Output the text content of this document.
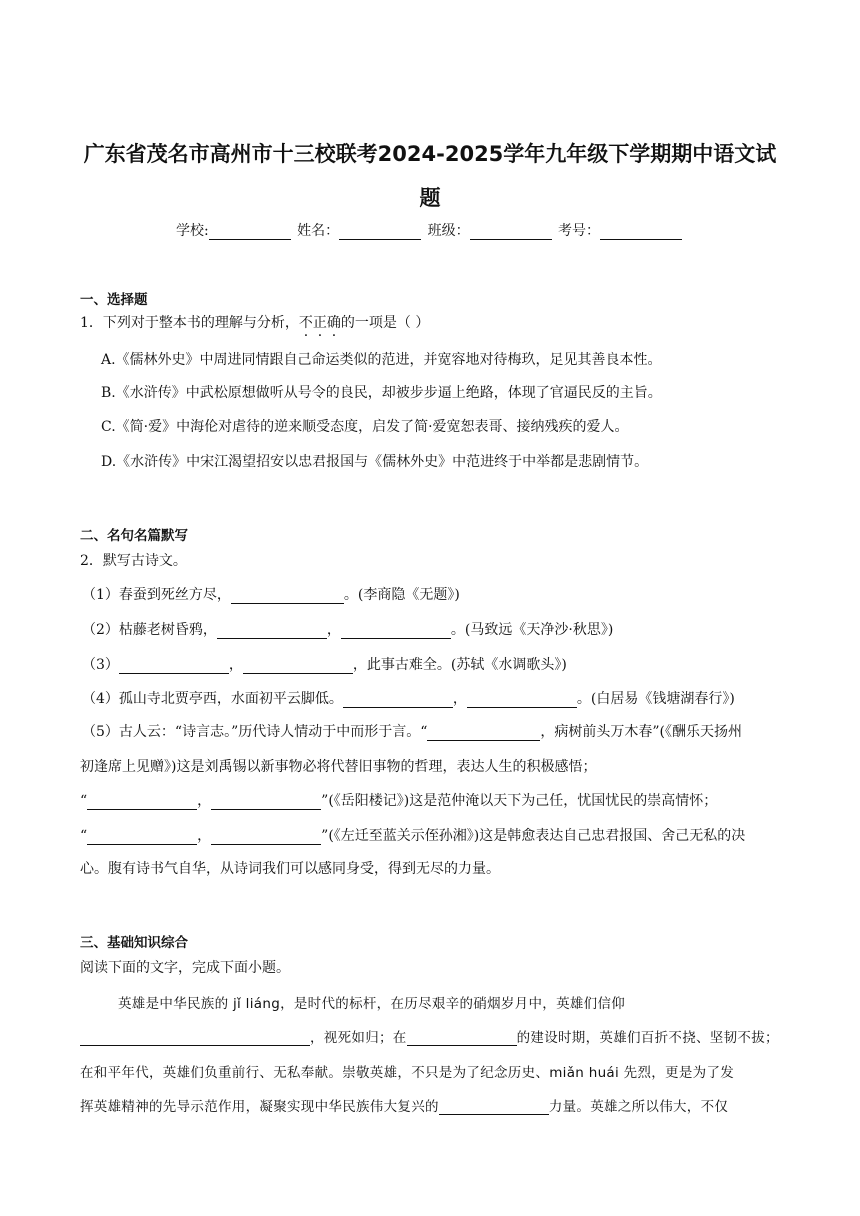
广东省茂名市高州市十三校联考2024-2025学年九年级下学期期中语文试
题
学校:	姓名：	班级：	考号：
一、选择题
1．下列对于整本书的理解与分析，不正确的一项是（ ）
A.《儒林外史》中周进同情跟自己命运类似的范进，并宽容地对待梅玖，足见其善良本性。
B.《水浒传》中武松原想做听从号令的良民，却被步步逼上绝路，体现了官逼民反的主旨。
C.《简·爱》中海伦对虐待的逆来顺受态度，启发了简·爱宽恕表哥、接纳残疾的爱人。
D.《水浒传》中宋江渴望招安以忠君报国与《儒林外史》中范进终于中举都是悲剧情节。
二、名句名篇默写
2．默写古诗文。
（1）春蚕到死丝方尽，	。(李商隐《无题》)
（2）枯藤老树昏鸦，	，	。(马致远《天净沙·秋思》)
（3）	，	，此事古难全。(苏轼《水调歌头》)
（4）孤山寺北贾亭西，水面初平云脚低。	，	。(白居易《钱塘湖春行》)
（5）古人云：“诗言志。”历代诗人情动于中而形于言。“	，病树前头万木春”(《酬乐天扬州
初逢席上见赠》)这是刘禹锡以新事物必将代替旧事物的哲理，表达人生的积极感悟；
“	，	”(《岳阳楼记》)这是范仲淹以天下为己任，忧国忧民的崇高情怀；
“	，	”(《左迁至蓝关示侄孙湘》)这是韩愈表达自己忠君报国、舍己无私的决
心。腹有诗书气自华，从诗词我们可以感同身受，得到无尽的力量。
三、基础知识综合
阅读下面的文字，完成下面小题。
英雄是中华民族的 jǐ liáng，是时代的标杆，在历尽艰辛的硝烟岁月中，英雄们信仰
，视死如归；在	的建设时期，英雄们百折不挠、坚韧不拔；
在和平年代，英雄们负重前行、无私奉献。崇敬英雄，不只是为了纪念历史、miǎn huái 先烈，更是为了发
挥英雄精神的先导示范作用，凝聚实现中华民族伟大复兴的	力量。英雄之所以伟大，不仅
